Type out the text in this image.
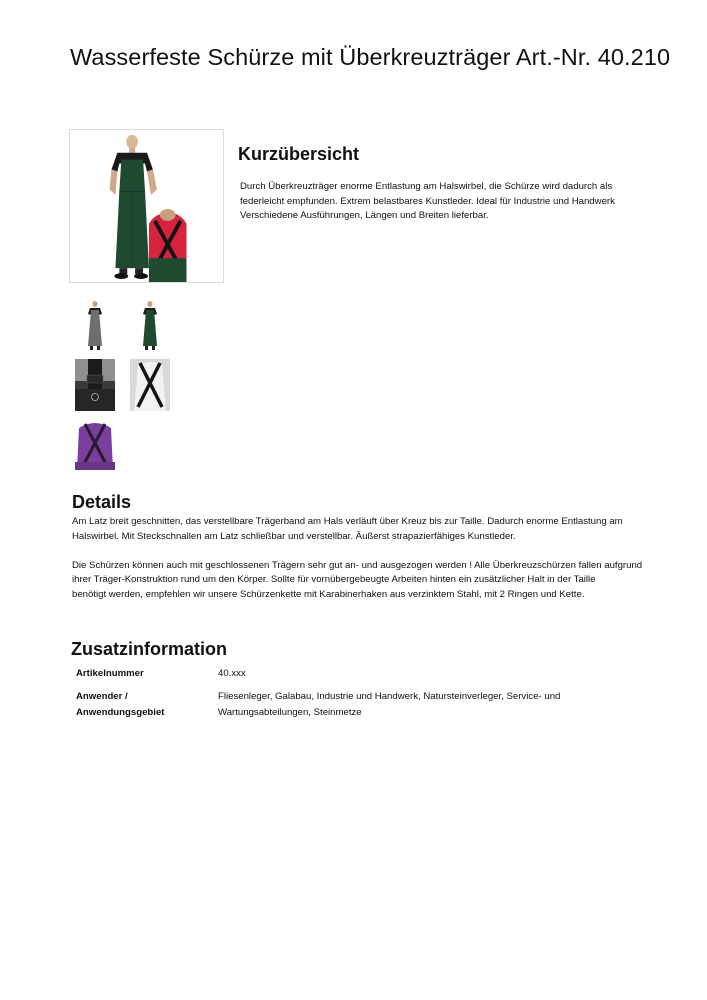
Wasserfeste Schürze mit Überkreuzträger Art.-Nr. 40.210
Kurzübersicht
Durch Überkreuzträger enorme Entlastung am Halswirbel, die Schürze wird dadurch als
federleicht empfunden. Extrem belastbares Kunstleder. Ideal für Industrie und Handwerk
Verschiedene Ausführungen, Längen und Breiten lieferbar.
Details
Am Latz breit geschnitten, das verstellbare Trägerband am Hals verläuft über Kreuz bis zur Taille. Dadurch enorme Entlastung am
Halswirbel. Mit Steckschnallen am Latz schließbar und verstellbar. Äußerst strapazierfähiges Kunstleder.
Die Schürzen können auch mit geschlossenen Trägern sehr gut an- und ausgezogen werden ! Alle Überkreuzschürzen fallen aufgrund
ihrer Träger-Konstruktion rund um den Körper. Sollte für vornübergebeugte Arbeiten hinten ein zusätzlicher Halt in der Taille
benötigt werden, empfehlen wir unsere Schürzenkette mit Karabinerhaken aus verzinktem Stahl, mit 2 Ringen und Kette.
Zusatzinformation
Artikelnummer	40.xxx
Anwender /
Anwendungsgebiet
Fliesenleger, Galabau, Industrie und Handwerk, Natursteinverleger, Service- und
Wartungsabteilungen, Steinmetze
